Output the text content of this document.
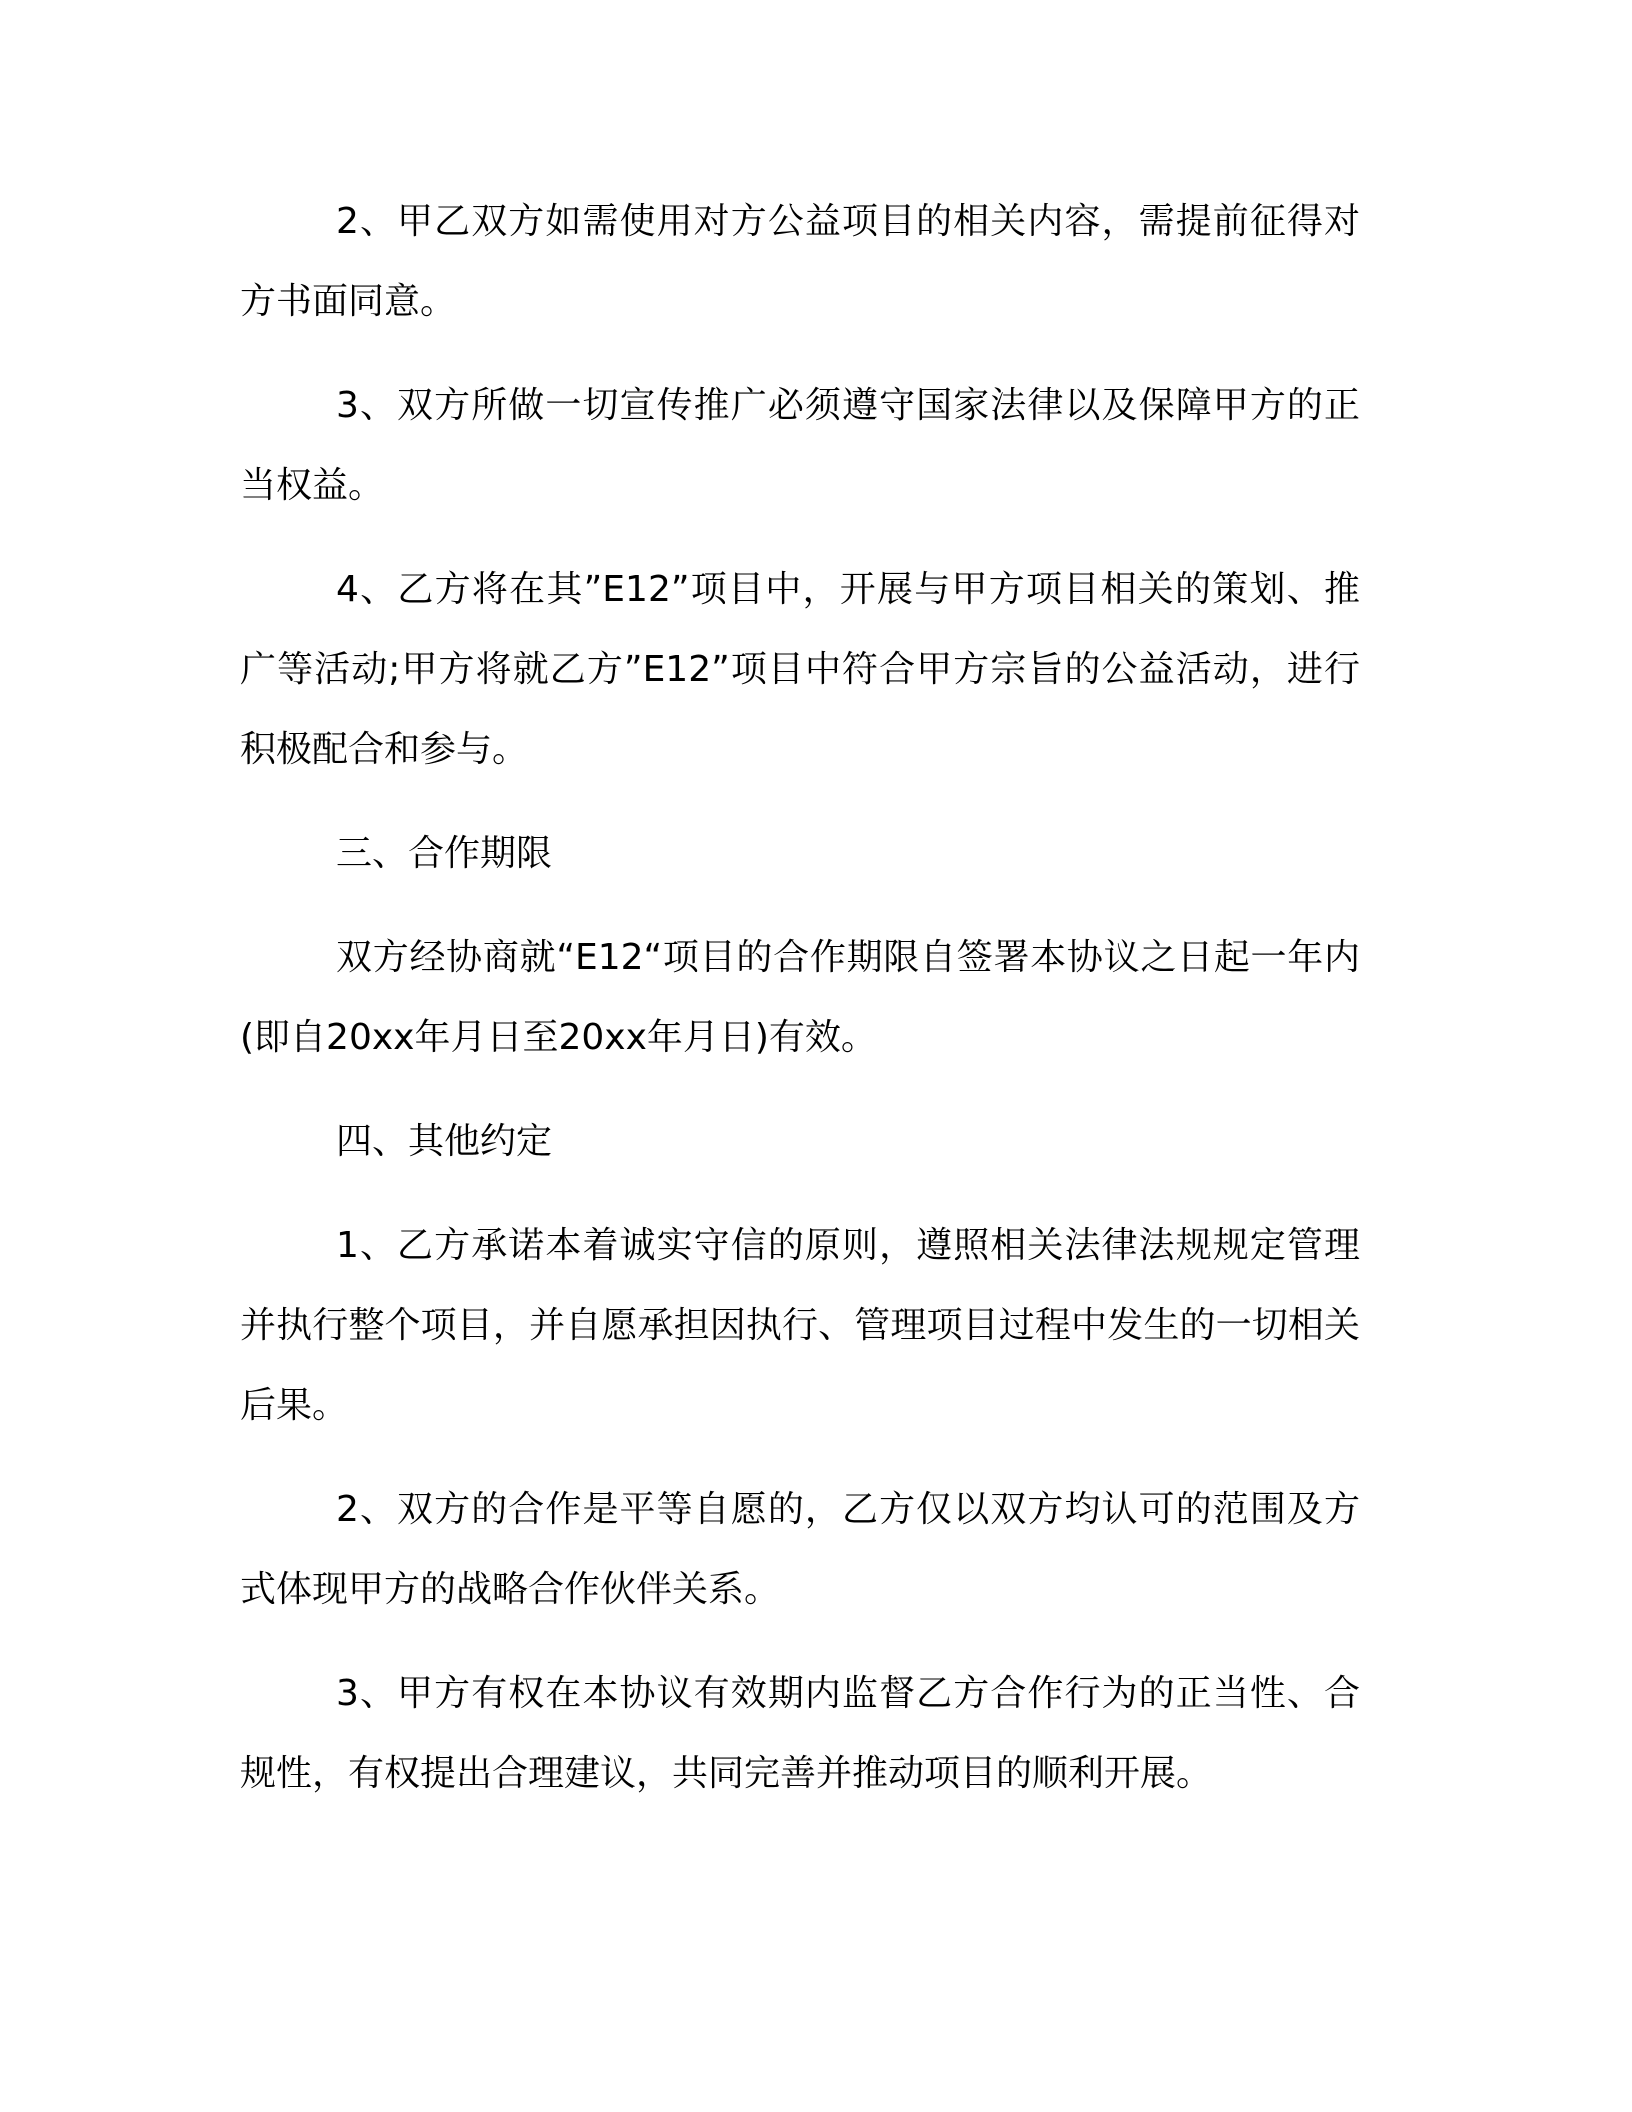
2、甲乙双方如需使用对方公益项目的相关内容，需提前征得对方书面同意。

3、双方所做一切宣传推广必须遵守国家法律以及保障甲方的正当权益。

4、乙方将在其”E12”项目中，开展与甲方项目相关的策划、推广等活动;甲方将就乙方”E12”项目中符合甲方宗旨的公益活动，进行积极配合和参与。

三、合作期限

双方经协商就“E12“项目的合作期限自签署本协议之日起一年内(即自20xx年月日至20xx年月日)有效。

四、其他约定

1、乙方承诺本着诚实守信的原则，遵照相关法律法规规定管理并执行整个项目，并自愿承担因执行、管理项目过程中发生的一切相关后果。

2、双方的合作是平等自愿的，乙方仅以双方均认可的范围及方式体现甲方的战略合作伙伴关系。

3、甲方有权在本协议有效期内监督乙方合作行为的正当性、合规性，有权提出合理建议，共同完善并推动项目的顺利开展。
